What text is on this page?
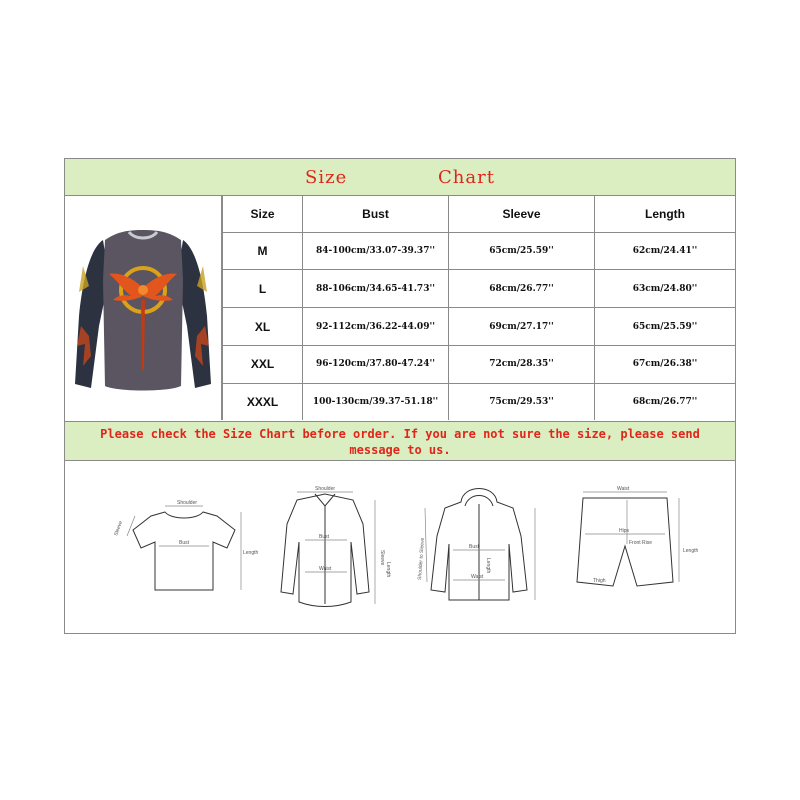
Size	Chart
Size	Bust	Sleeve	Length
M	84-100cm/33.07-39.37''	65cm/25.59''	62cm/24.41''
L	88-106cm/34.65-41.73''	68cm/26.77''	63cm/24.80''
XL	92-112cm/36.22-44.09''	69cm/27.17''	65cm/25.59''
XXL	96-120cm/37.80-47.24''	72cm/28.35''	67cm/26.38''
XXXL	100-130cm/39.37-51.18''	75cm/29.53''	68cm/26.77''
Please check the Size Chart before order. If you are not sure the size, please send
message to us.
Shoulder
Sleeve
Bust
Length
Shoulder
Bust
Waist
Sleeve
Length	Shoulder to Sleeve	Bust
Length
Waist
Waist
Hips
Front Rise
Length
Thigh
